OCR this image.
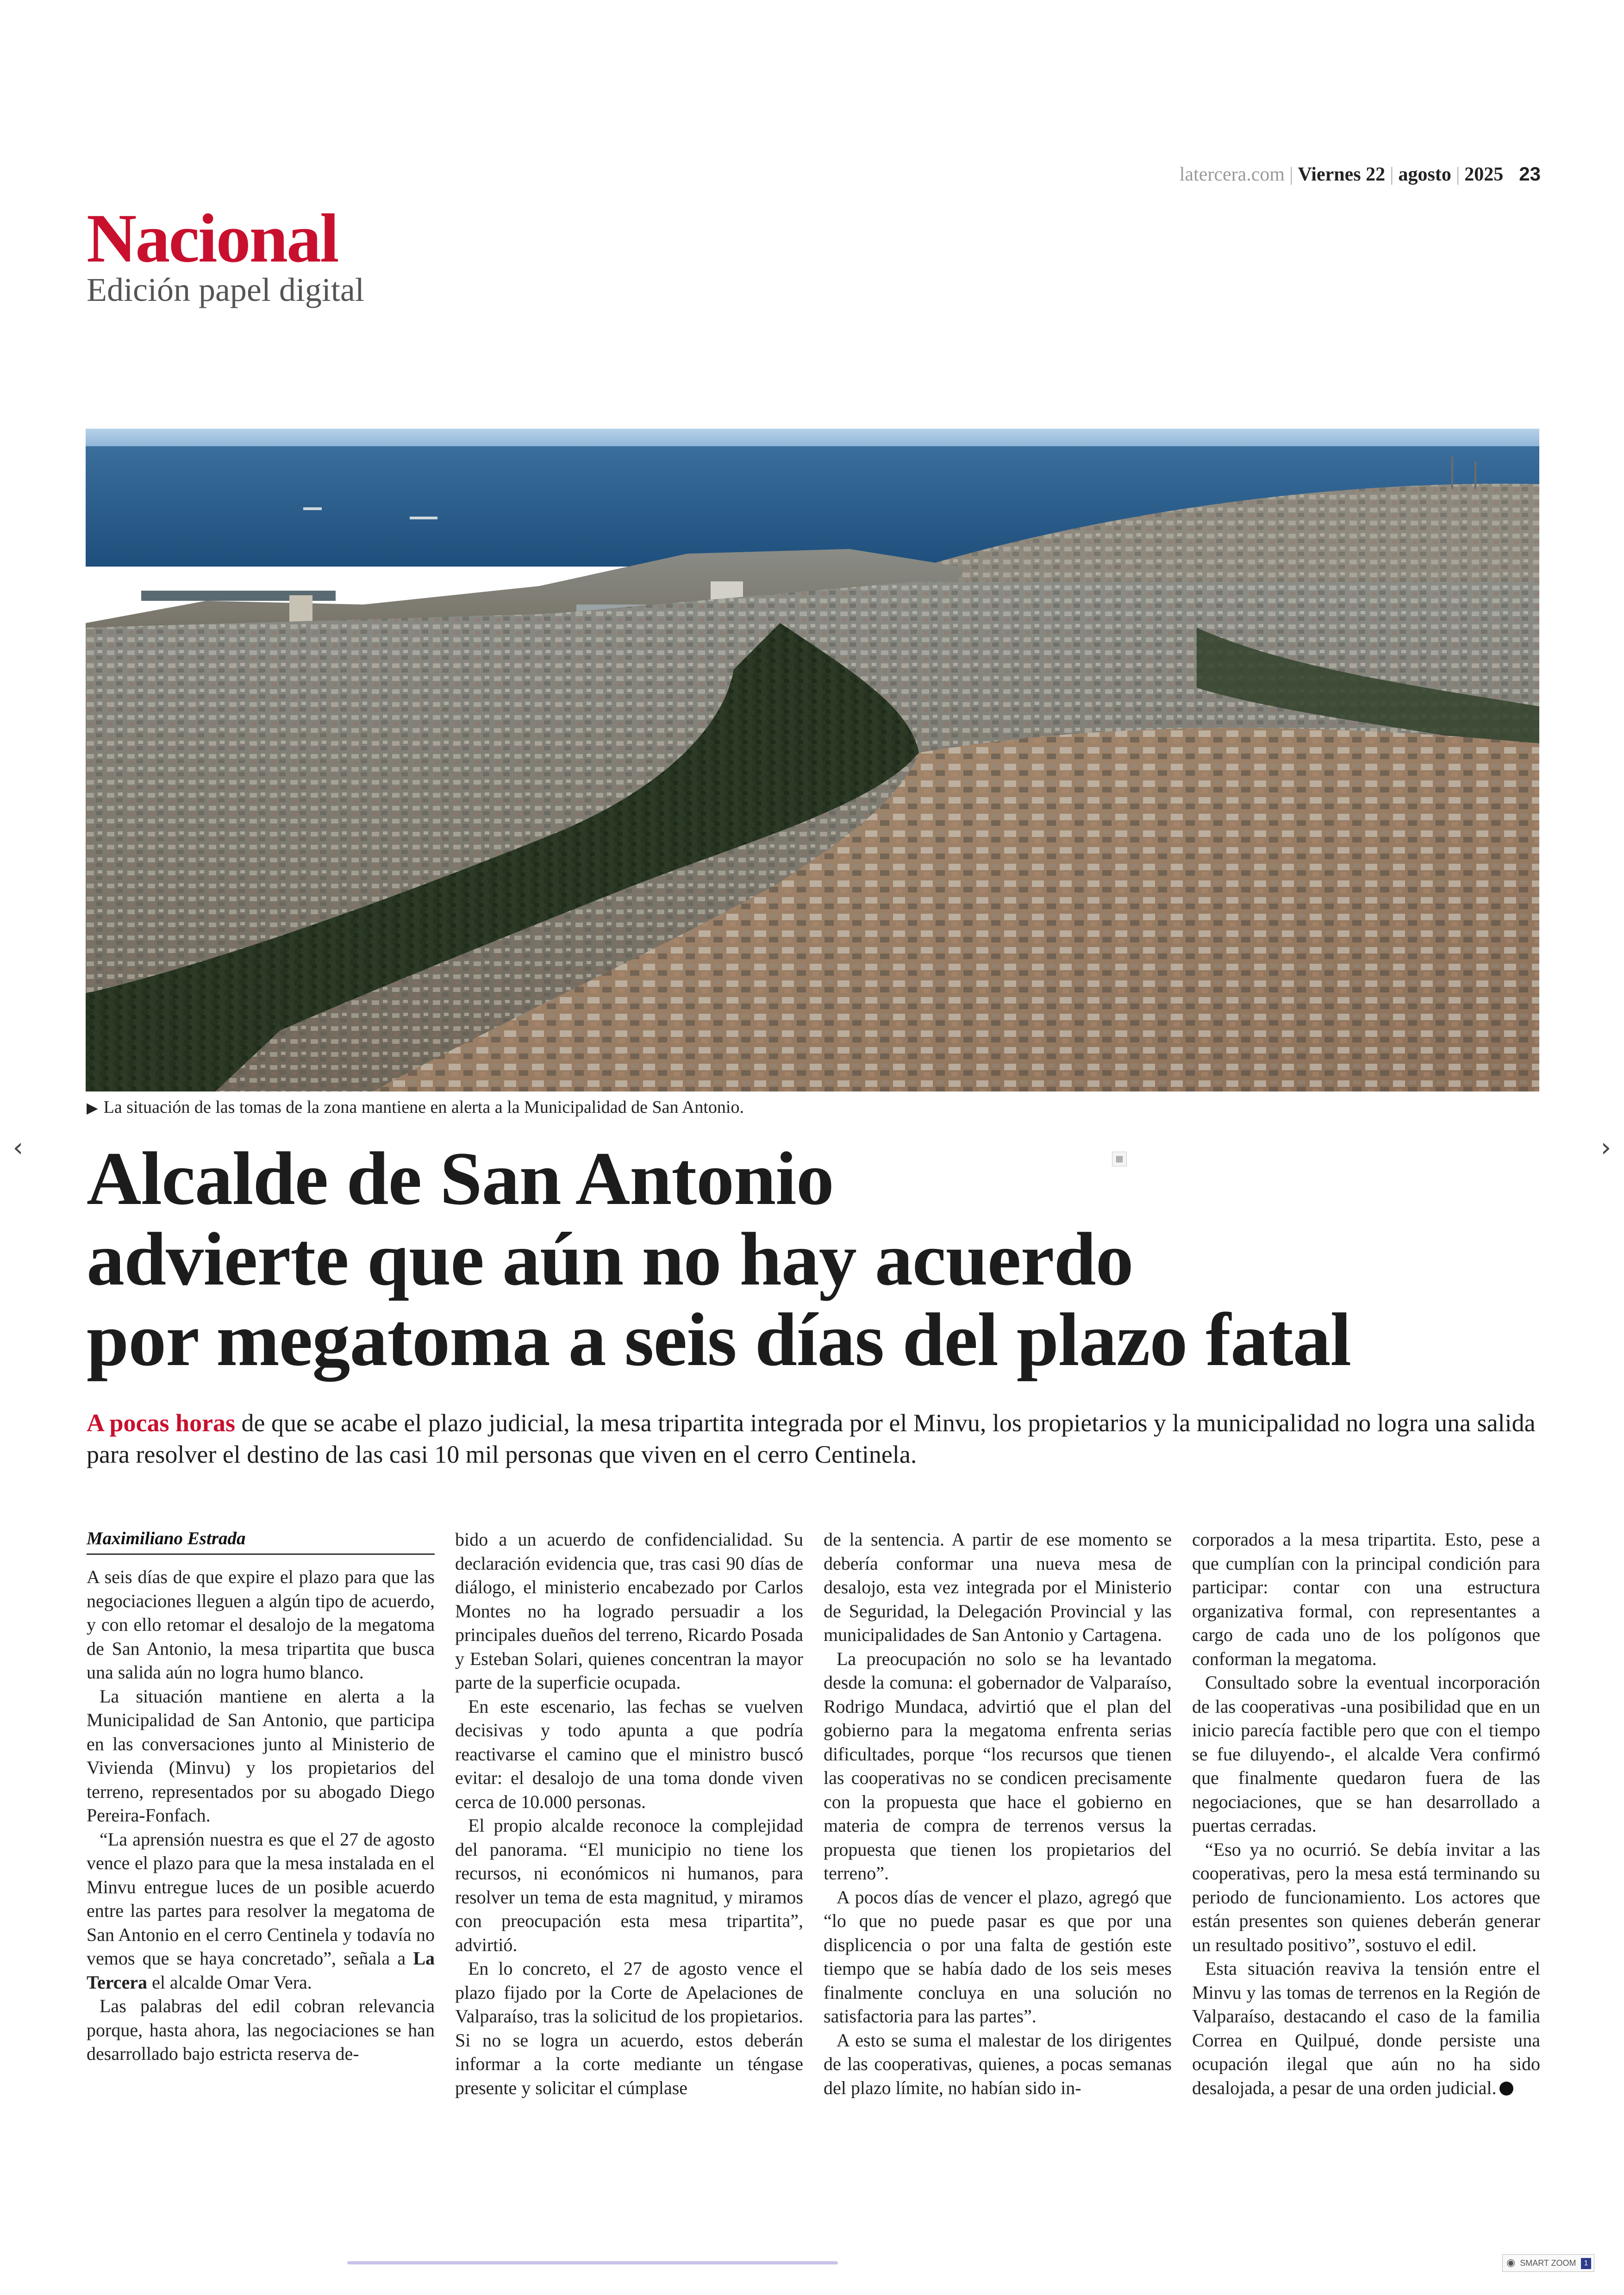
latercera.com | Viernes 22 | agosto | 2025 23
Nacional
Edición papel digital
▶ La situación de las tomas de la zona mantiene en alerta a la Municipalidad de San Antonio.
‹	›
▦
Alcalde de San Antonio
advierte que aún no hay acuerdo
por megatoma a seis días del plazo fatal

A pocas horas de que se acabe el plazo judicial, la mesa tripartita integrada por el Minvu, los propietarios y la municipalidad no logra una salida para resolver el destino de las casi 10 mil personas que viven en el cerro Centinela.

Maximiliano Estrada

A seis días de que expire el plazo para que las negociaciones lleguen a algún tipo de acuerdo, y con ello retomar el desalojo de la megatoma de San Antonio, la mesa tripartita que busca una salida aún no logra humo blanco.

La situación mantiene en alerta a la Municipalidad de San Antonio, que participa en las conversaciones junto al Ministerio de Vivienda (Minvu) y los propietarios del terreno, representados por su abogado Diego Pereira-Fonfach.

“La aprensión nuestra es que el 27 de agosto vence el plazo para que la mesa instalada en el Minvu entregue luces de un posible acuerdo entre las partes para resolver la megatoma de San Antonio en el cerro Centinela y todavía no vemos que se haya concretado”, señala a La Tercera el alcalde Omar Vera.

Las palabras del edil cobran relevancia porque, hasta ahora, las negociaciones se han desarrollado bajo estricta reserva de-

bido a un acuerdo de confidencialidad. Su declaración evidencia que, tras casi 90 días de diálogo, el ministerio encabezado por Carlos Montes no ha logrado persuadir a los principales dueños del terreno, Ricardo Posada y Esteban Solari, quienes concentran la mayor parte de la superficie ocupada.

En este escenario, las fechas se vuelven decisivas y todo apunta a que podría reactivarse el camino que el ministro buscó evitar: el desalojo de una toma donde viven cerca de 10.000 personas.

El propio alcalde reconoce la complejidad del panorama. “El municipio no tiene los recursos, ni económicos ni humanos, para resolver un tema de esta magnitud, y miramos con preocupación esta mesa tripartita”, advirtió.

En lo concreto, el 27 de agosto vence el plazo fijado por la Corte de Apelaciones de Valparaíso, tras la solicitud de los propietarios. Si no se logra un acuerdo, estos deberán informar a la corte mediante un téngase presente y solicitar el cúmplase

de la sentencia. A partir de ese momento se debería conformar una nueva mesa de desalojo, esta vez integrada por el Ministerio de Seguridad, la Delegación Provincial y las municipalidades de San Antonio y Cartagena.

La preocupación no solo se ha levantado desde la comuna: el gobernador de Valparaíso, Rodrigo Mundaca, advirtió que el plan del gobierno para la megatoma enfrenta serias dificultades, porque “los recursos que tienen las cooperativas no se condicen precisamente con la propuesta que hace el gobierno en materia de compra de terrenos versus la propuesta que tienen los propietarios del terreno”.

A pocos días de vencer el plazo, agregó que “lo que no puede pasar es que por una displicencia o por una falta de gestión este tiempo que se había dado de los seis meses finalmente concluya en una solución no satisfactoria para las partes”.

A esto se suma el malestar de los dirigentes de las cooperativas, quienes, a pocas semanas del plazo límite, no habían sido in-

corporados a la mesa tripartita. Esto, pese a que cumplían con la principal condición para participar: contar con una estructura organizativa formal, con representantes a cargo de cada uno de los polígonos que conforman la megatoma.

Consultado sobre la eventual incorporación de las cooperativas -una posibilidad que en un inicio parecía factible pero que con el tiempo se fue diluyendo-, el alcalde Vera confirmó que finalmente quedaron fuera de las negociaciones, que se han desarrollado a puertas cerradas.

“Eso ya no ocurrió. Se debía invitar a las cooperativas, pero la mesa está terminando su periodo de funcionamiento. Los actores que están presentes son quienes deberán generar un resultado positivo”, sostuvo el edil.

Esta situación reaviva la tensión entre el Minvu y las tomas de terrenos en la Región de Valparaíso, destacando el caso de la familia Correa en Quilpué, donde persiste una ocupación ilegal que aún no ha sido desalojada, a pesar de una orden judicial.

◉ SMART ZOOM 1
